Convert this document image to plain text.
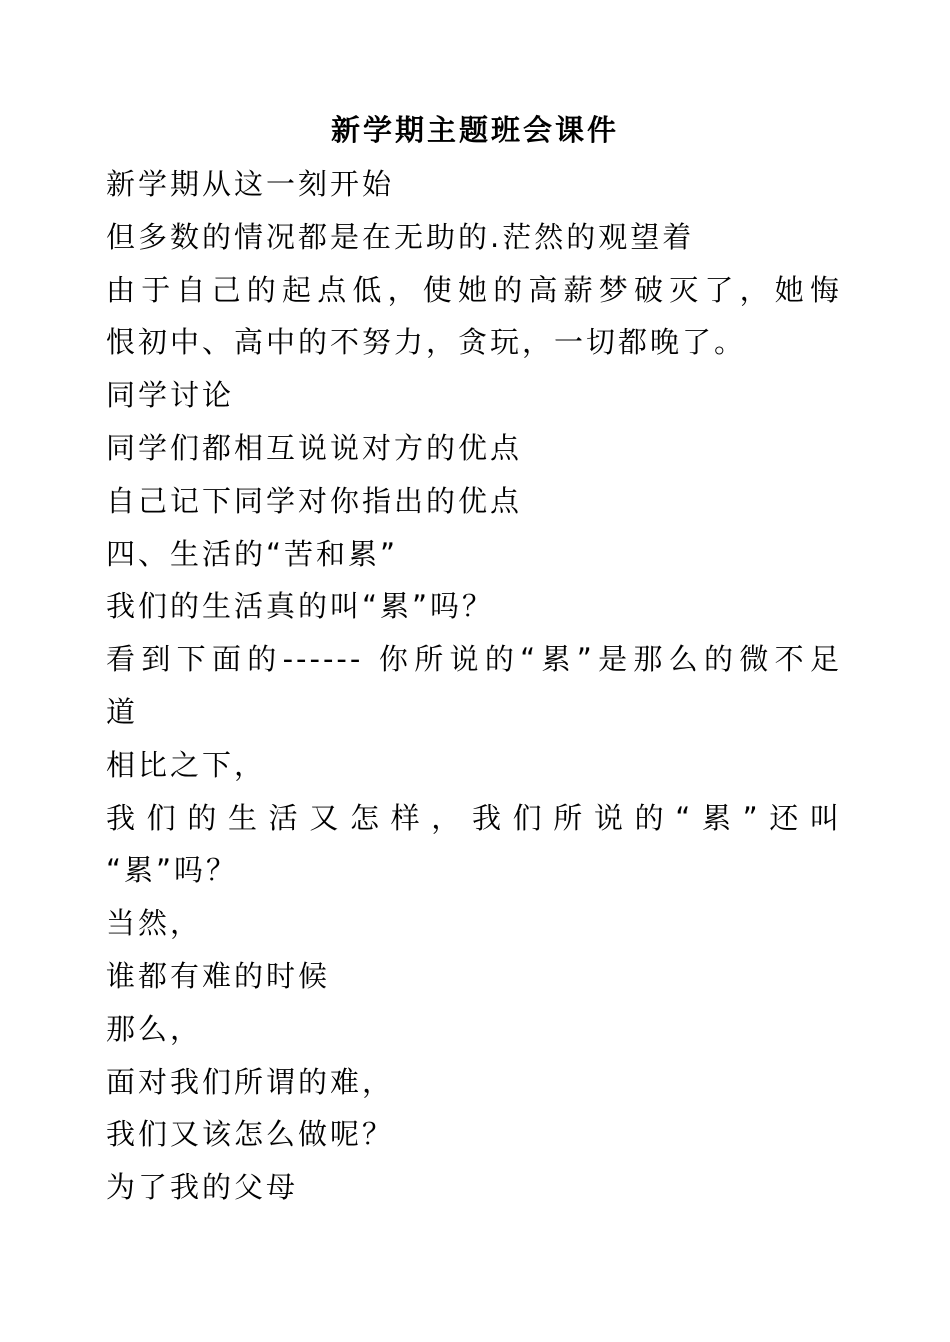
新学期主题班会课件
新学期从这一刻开始
但多数的情况都是在无助的.茫然的观望着
由于自己的起点低，使她的高薪梦破灭了，她悔
恨初中、高中的不努力，贪玩，一切都晚了。
同学讨论
同学们都相互说说对方的优点
自己记下同学对你指出的优点
四、生活的“苦和累”
我们的生活真的叫“累”吗？
看到下面的------ 你所说的“累”是那么的微不足
道
相比之下，
我们的生活又怎样，我们所说的“累”还叫
“累”吗？
当然，
谁都有难的时候
那么，
面对我们所谓的难，
我们又该怎么做呢？
为了我的父母
